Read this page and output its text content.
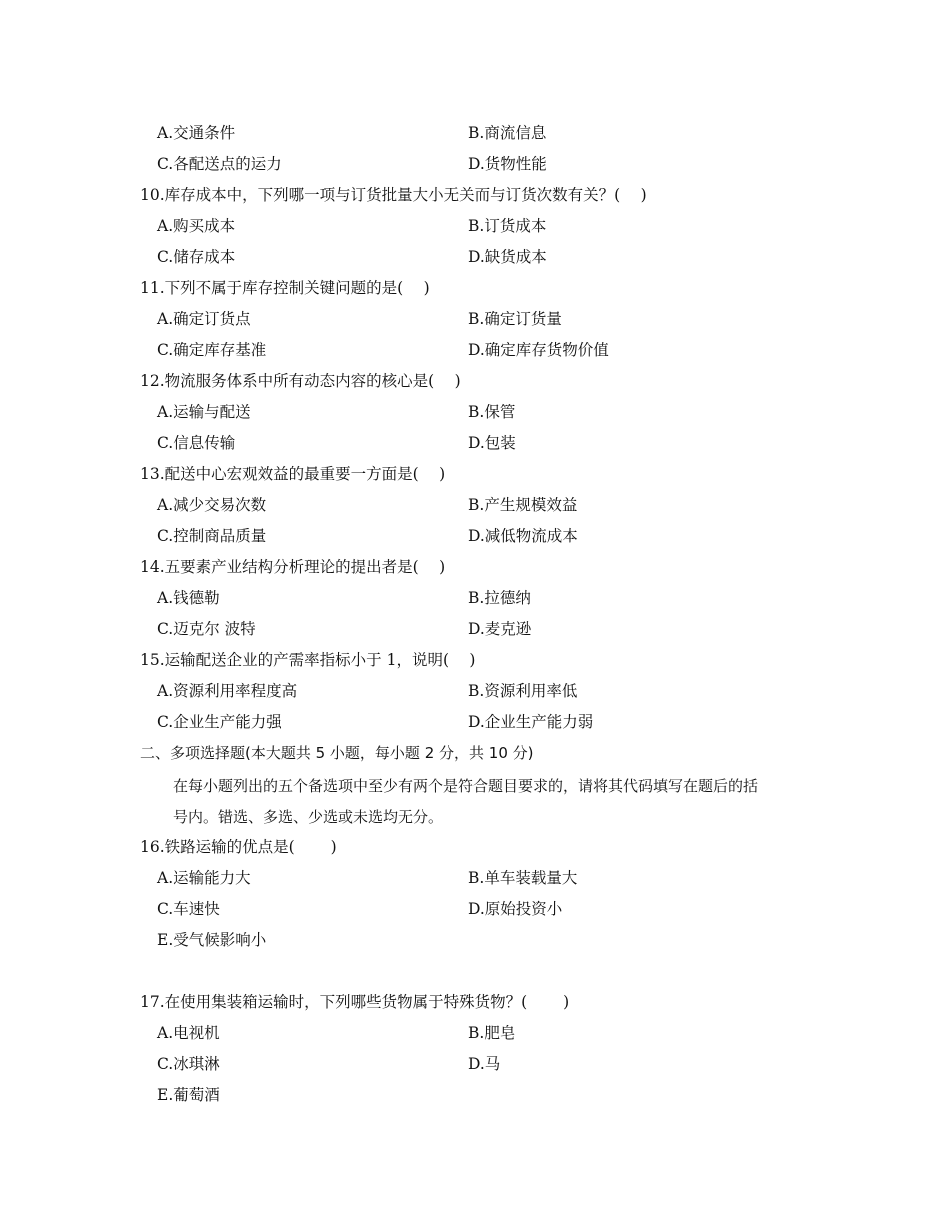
A.交通条件	B.商流信息
C.各配送点的运力	D.货物性能
10.库存成本中，下列哪一项与订货批量大小无关而与订货次数有关？(　 )
A.购买成本	B.订货成本
C.储存成本	D.缺货成本
11.下列不属于库存控制关键问题的是(　 )
A.确定订货点	B.确定订货量
C.确定库存基准	D.确定库存货物价值
12.物流服务体系中所有动态内容的核心是(　 )
A.运输与配送	B.保管
C.信息传输	D.包装
13.配送中心宏观效益的最重要一方面是(　 )
A.减少交易次数	B.产生规模效益
C.控制商品质量	D.减低物流成本
14.五要素产业结构分析理论的提出者是(　 )
A.钱德勒	B.拉德纳
C.迈克尔 波特	D.麦克逊
15.运输配送企业的产需率指标小于 1，说明(　 )
A.资源利用率程度高	B.资源利用率低
C.企业生产能力强	D.企业生产能力弱
二、多项选择题(本大题共 5 小题，每小题 2 分，共 10 分)
在每小题列出的五个备选项中至少有两个是符合题目要求的，请将其代码填写在题后的括
号内。错选、多选、少选或未选均无分。
16.铁路运输的优点是(　　 )
A.运输能力大	B.单车装载量大
C.车速快	D.原始投资小
E.受气候影响小
17.在使用集装箱运输时，下列哪些货物属于特殊货物？(　　 )
A.电视机	B.肥皂
C.冰琪淋	D.马
E.葡萄酒
